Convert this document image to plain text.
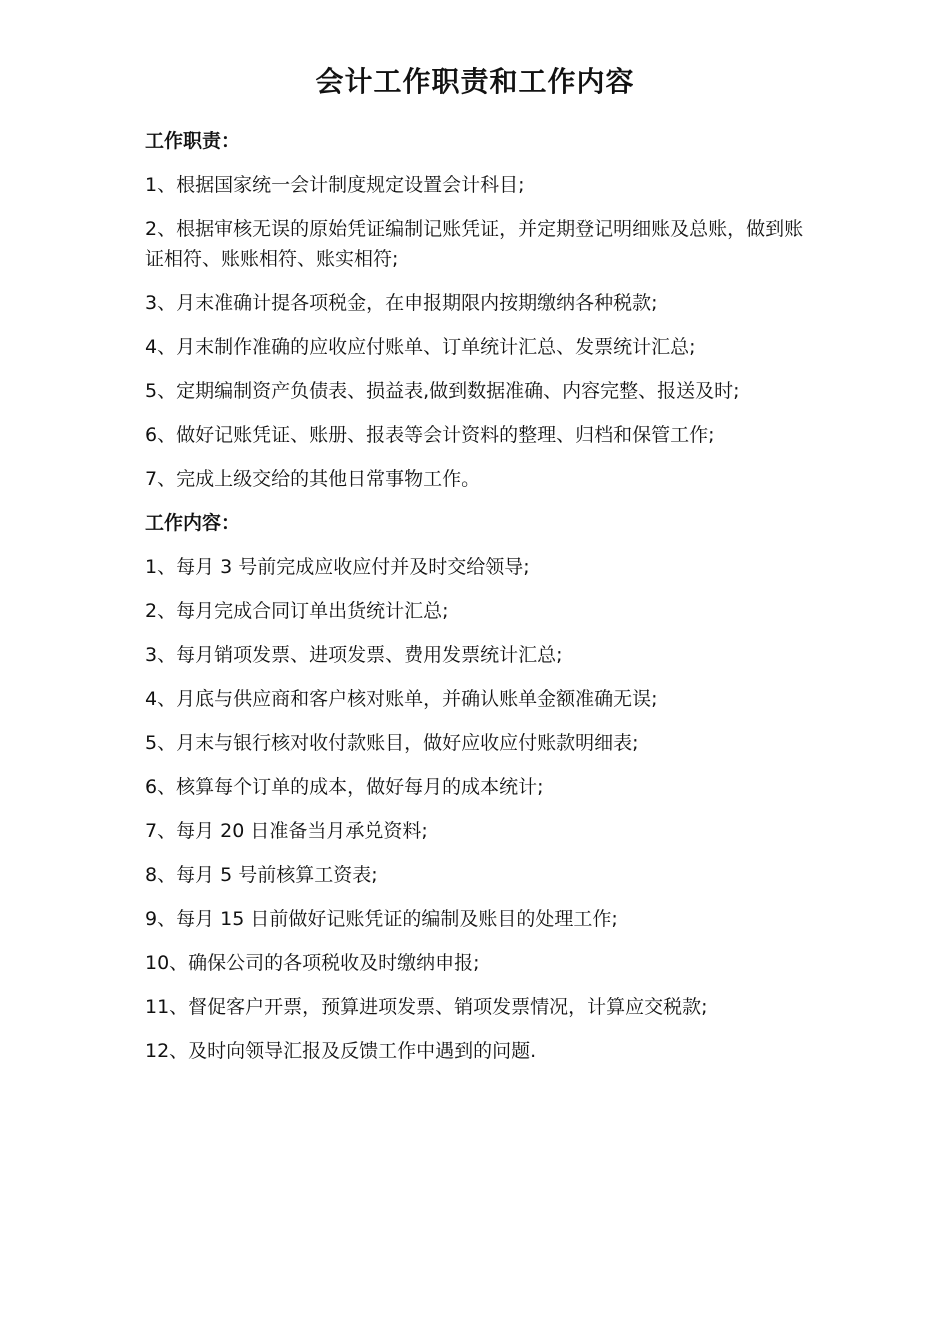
会计工作职责和工作内容
工作职责：
1、根据国家统一会计制度规定设置会计科目;
2、根据审核无误的原始凭证编制记账凭证，并定期登记明细账及总账，做到账证相符、账账相符、账实相符;
3、月末准确计提各项税金，在申报期限内按期缴纳各种税款;
4、月末制作准确的应收应付账单、订单统计汇总、发票统计汇总;
5、定期编制资产负债表、损益表,做到数据准确、内容完整、报送及时;
6、做好记账凭证、账册、报表等会计资料的整理、归档和保管工作;
7、完成上级交给的其他日常事物工作。
工作内容：
1、每月 3 号前完成应收应付并及时交给领导;
2、每月完成合同订单出货统计汇总;
3、每月销项发票、进项发票、费用发票统计汇总;
4、月底与供应商和客户核对账单，并确认账单金额准确无误;
5、月末与银行核对收付款账目，做好应收应付账款明细表;
6、核算每个订单的成本，做好每月的成本统计;
7、每月 20 日准备当月承兑资料;
8、每月 5 号前核算工资表;
9、每月 15 日前做好记账凭证的编制及账目的处理工作;
10、确保公司的各项税收及时缴纳申报;
11、督促客户开票，预算进项发票、销项发票情况，计算应交税款;
12、及时向领导汇报及反馈工作中遇到的问题.
